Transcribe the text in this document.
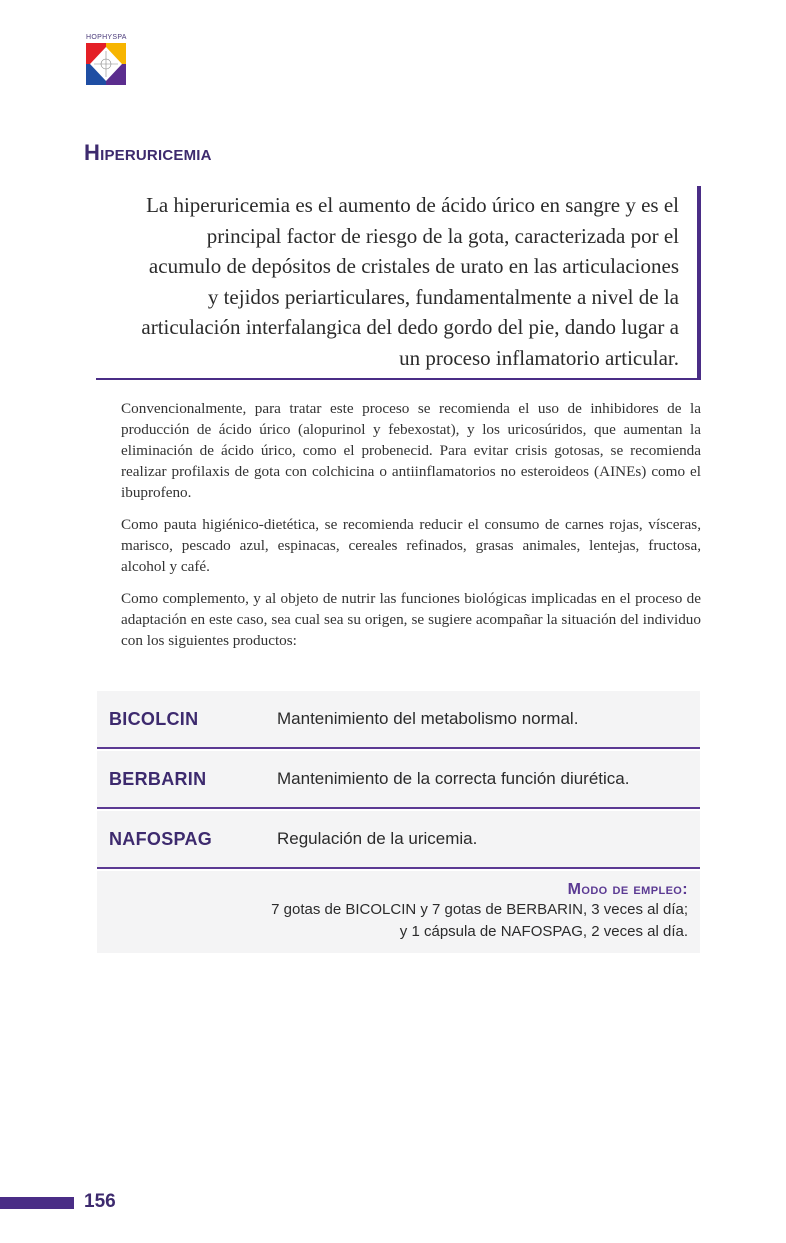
HOPHYSPA
Hiperuricemia

La hiperuricemia es el aumento de ácido úrico en sangre y es el principal factor de riesgo de la gota, caracterizada por el acumulo de depósitos de cristales de urato en las articulaciones y tejidos periarticulares, fundamentalmente a nivel de la articulación interfalangica del dedo gordo del pie, dando lugar a un proceso inflamatorio articular.

Convencionalmente, para tratar este proceso se recomienda el uso de inhibidores de la producción de ácido úrico (alopurinol y febexostat), y los uricosúridos, que aumentan la eliminación de ácido úrico, como el probenecid. Para evitar crisis gotosas, se recomienda realizar profilaxis de gota con colchicina o antiinflamatorios no esteroideos (AINEs) como el ibuprofeno.

Como pauta higiénico-dietética, se recomienda reducir el consumo de carnes rojas, vísceras, marisco, pescado azul, espinacas, cereales refinados, grasas animales, lentejas, fructosa, alcohol y café.

Como complemento, y al objeto de nutrir las funciones biológicas implicadas en el proceso de adaptación en este caso, sea cual sea su origen, se sugiere acompañar la situación del individuo con los siguientes productos:

BICOLCIN	Mantenimiento del metabolismo normal.
BERBARIN	Mantenimiento de la correcta función diurética.
NAFOSPAG	Regulación de la uricemia.
Modo de empleo:
7 gotas de BICOLCIN y 7 gotas de BERBARIN, 3 veces al día;
y 1 cápsula de NAFOSPAG, 2 veces al día.
156
